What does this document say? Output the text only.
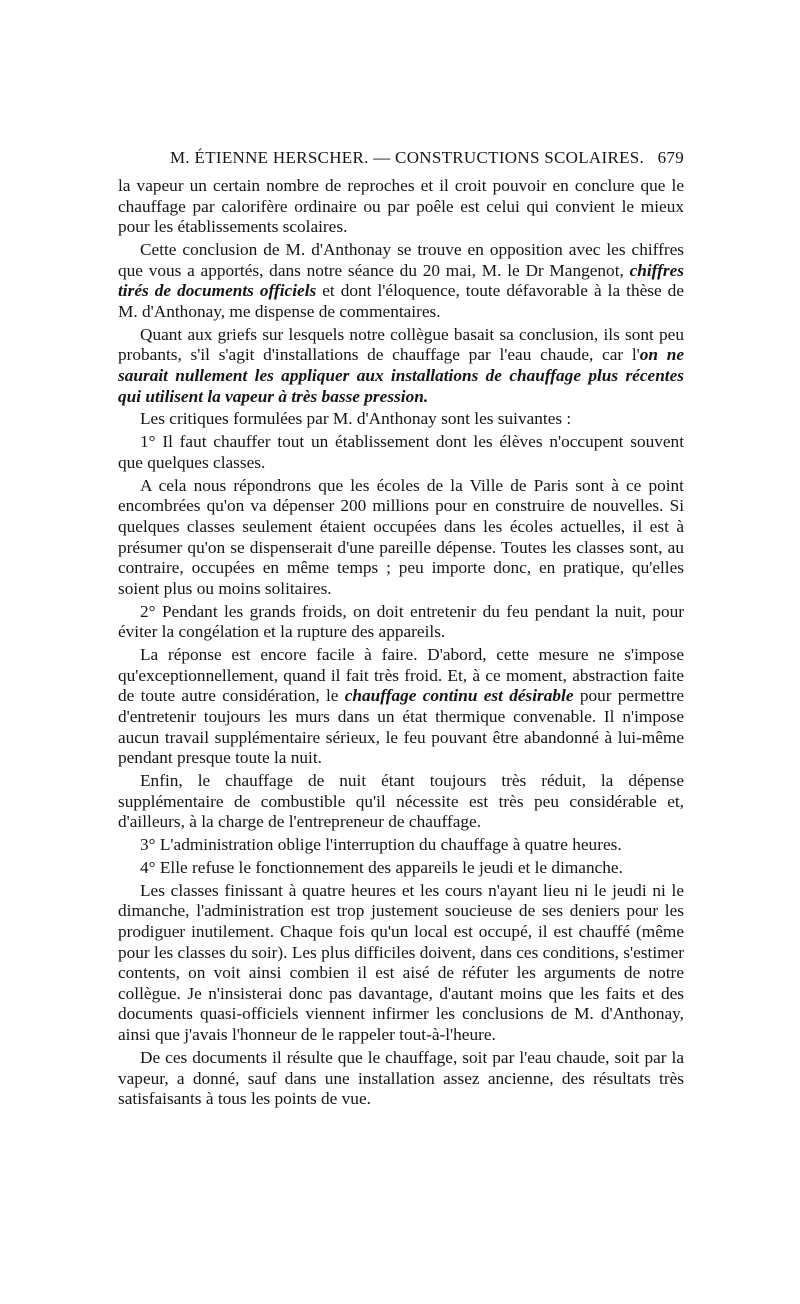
M. ÉTIENNE HERSCHER. — CONSTRUCTIONS SCOLAIRES. 679

la vapeur un certain nombre de reproches et il croit pouvoir en conclure que le chauffage par calorifère ordinaire ou par poêle est celui qui convient le mieux pour les établissements scolaires.

Cette conclusion de M. d'Anthonay se trouve en opposition avec les chiffres que vous a apportés, dans notre séance du 20 mai, M. le Dr Mangenot, chiffres tirés de documents officiels et dont l'éloquence, toute défavorable à la thèse de M. d'Anthonay, me dispense de commentaires.

Quant aux griefs sur lesquels notre collègue basait sa conclusion, ils sont peu probants, s'il s'agit d'installations de chauffage par l'eau chaude, car l'on ne saurait nullement les appliquer aux installations de chauffage plus récentes qui utilisent la vapeur à très basse pression.

Les critiques formulées par M. d'Anthonay sont les suivantes :

1° Il faut chauffer tout un établissement dont les élèves n'occupent souvent que quelques classes.

A cela nous répondrons que les écoles de la Ville de Paris sont à ce point encombrées qu'on va dépenser 200 millions pour en construire de nouvelles. Si quelques classes seulement étaient occupées dans les écoles actuelles, il est à présumer qu'on se dispenserait d'une pareille dépense. Toutes les classes sont, au contraire, occupées en même temps ; peu importe donc, en pratique, qu'elles soient plus ou moins solitaires.

2° Pendant les grands froids, on doit entretenir du feu pendant la nuit, pour éviter la congélation et la rupture des appareils.

La réponse est encore facile à faire. D'abord, cette mesure ne s'impose qu'exceptionnellement, quand il fait très froid. Et, à ce moment, abstraction faite de toute autre considération, le chauffage continu est désirable pour permettre d'entretenir toujours les murs dans un état thermique convenable. Il n'impose aucun travail supplémentaire sérieux, le feu pouvant être abandonné à lui-même pendant presque toute la nuit.

Enfin, le chauffage de nuit étant toujours très réduit, la dépense supplémentaire de combustible qu'il nécessite est très peu considérable et, d'ailleurs, à la charge de l'entrepreneur de chauffage.

3° L'administration oblige l'interruption du chauffage à quatre heures.

4° Elle refuse le fonctionnement des appareils le jeudi et le dimanche.

Les classes finissant à quatre heures et les cours n'ayant lieu ni le jeudi ni le dimanche, l'administration est trop justement soucieuse de ses deniers pour les prodiguer inutilement. Chaque fois qu'un local est occupé, il est chauffé (même pour les classes du soir). Les plus difficiles doivent, dans ces conditions, s'estimer contents, on voit ainsi combien il est aisé de réfuter les arguments de notre collègue. Je n'insisterai donc pas davantage, d'autant moins que les faits et des documents quasi-officiels viennent infirmer les conclusions de M. d'Anthonay, ainsi que j'avais l'honneur de le rappeler tout-à-l'heure.

De ces documents il résulte que le chauffage, soit par l'eau chaude, soit par la vapeur, a donné, sauf dans une installation assez ancienne, des résultats très satisfaisants à tous les points de vue.
